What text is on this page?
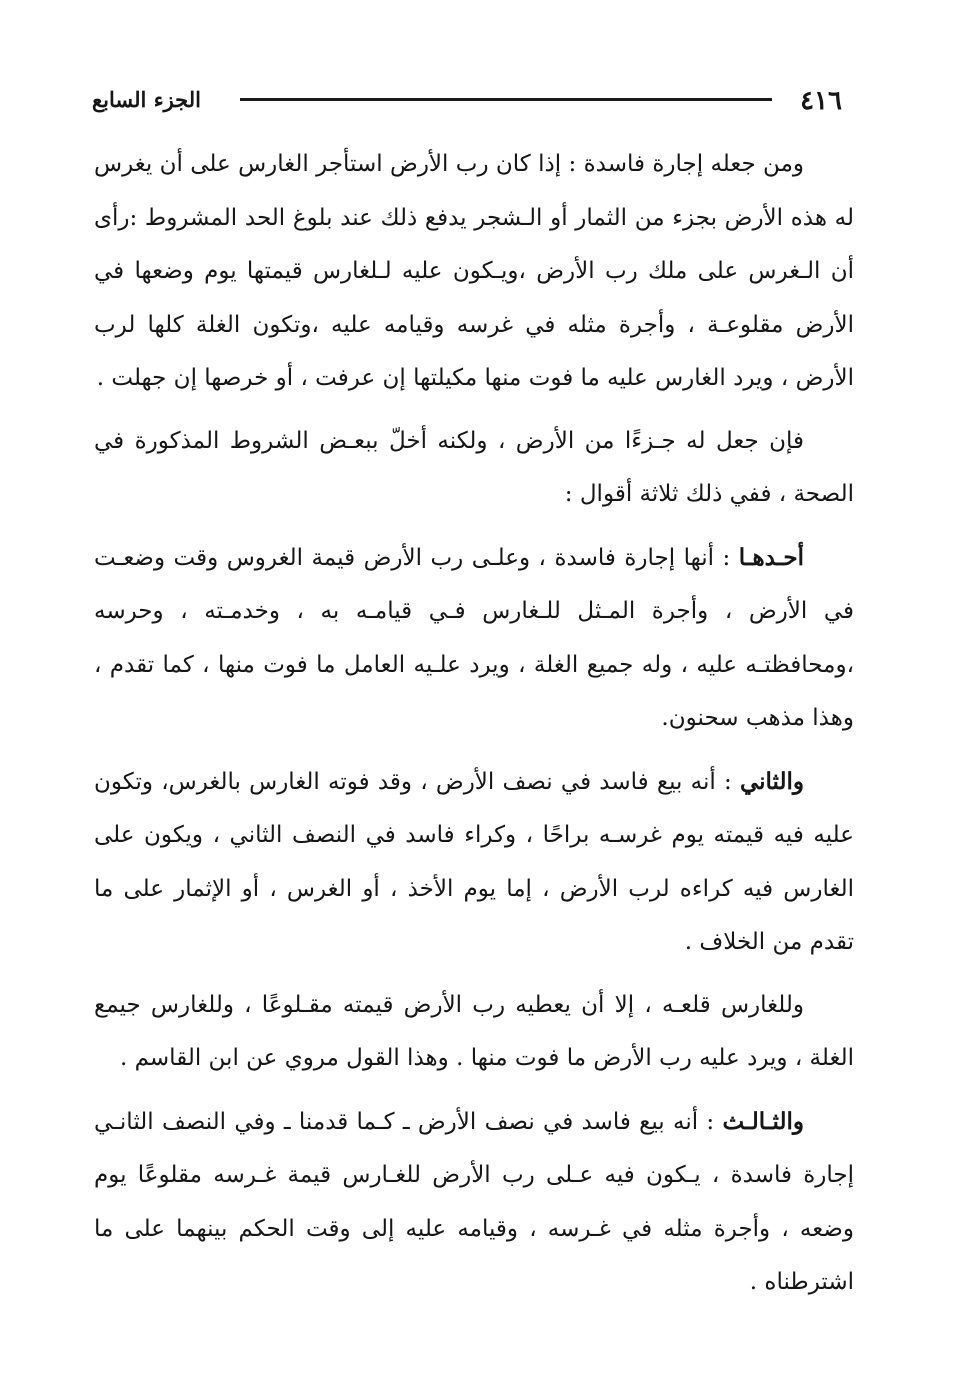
٤١٦
الجزء السابع

ومن جعله إجارة فاسدة : إذا كان رب الأرض استأجر الغارس على أن يغرس له هذه الأرض بجزء من الثمار أو الـشجر يدفع ذلك عند بلوغ الحد المشروط :رأى أن الـغرس على ملك رب الأرض ،ويـكون عليه لـلغارس قيمتها يوم وضعها في الأرض مقلوعـة ، وأجرة مثله في غرسه وقيامه عليه ،وتكون الغلة كلها لرب الأرض ، ويرد الغارس عليه ما فوت منها مكيلتها إن عرفت ، أو خرصها إن جهلت .

فإن جعل له جـزءًا من الأرض ، ولكنه أخلّ ببعـض الشروط المذكورة في الصحة ، ففي ذلك ثلاثة أقوال :

أحـدهـا : أنها إجارة فاسدة ، وعلـى رب الأرض قيمة الغروس وقت وضعـت في الأرض ، وأجرة المـثل للـغارس فـي قيامـه به ، وخدمـته ، وحرسه ،ومحافظتـه عليه ، وله جميع الغلة ، ويرد علـيه العامل ما فوت منها ، كما تقدم ، وهذا مذهب سحنون.

والثاني : أنه بيع فاسد في نصف الأرض ، وقد فوته الغارس بالغرس، وتكون عليه فيه قيمته يوم غرسـه براحًا ، وكراء فاسد في النصف الثاني ، ويكون على الغارس فيه كراءه لرب الأرض ، إما يوم الأخذ ، أو الغرس ، أو الإثمار على ما تقدم من الخلاف .

وللغارس قلعـه ، إلا أن يعطيه رب الأرض قيمته مقـلوعًا ، وللغارس جيمع الغلة ، ويرد عليه رب الأرض ما فوت منها . وهذا القول مروي عن ابن القاسم .

والثـالـث : أنه بيع فاسد في نصف الأرض ـ كـما قدمنا ـ وفي النصف الثانـي إجارة فاسدة ، يـكون فيه عـلى رب الأرض للغـارس قيمة غـرسه مقلوعًا يوم وضعه ، وأجرة مثله في غـرسه ، وقيامه عليه إلى وقت الحكم بينهما على ما اشترطناه .
